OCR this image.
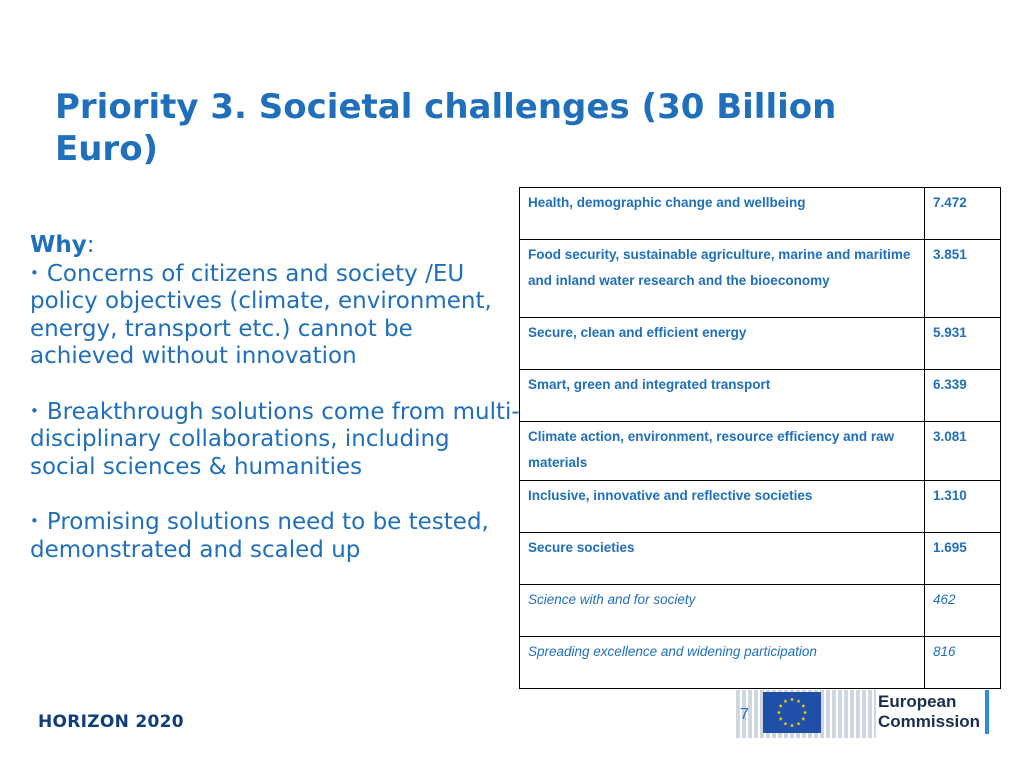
Priority 3. Societal challenges (30 Billion Euro)

Why:

• Concerns of citizens and society /EU policy objectives (climate, environment, energy, transport etc.) cannot be achieved without innovation

• Breakthrough solutions come from multi-disciplinary collaborations, including social sciences & humanities

• Promising solutions need to be tested, demonstrated and scaled up

Health, demographic change and wellbeing	7.472
Food security, sustainable agriculture, marine and maritime and inland water research and the bioeconomy	3.851
Secure, clean and efficient energy	5.931
Smart, green and integrated transport	6.339
Climate action, environment, resource efficiency and raw materials	3.081
Inclusive, innovative and reflective societies	1.310
Secure societies	1.695
Science with and for society	462
Spreading excellence and widening participation	816
HORIZON 2020	7
European
Commission
